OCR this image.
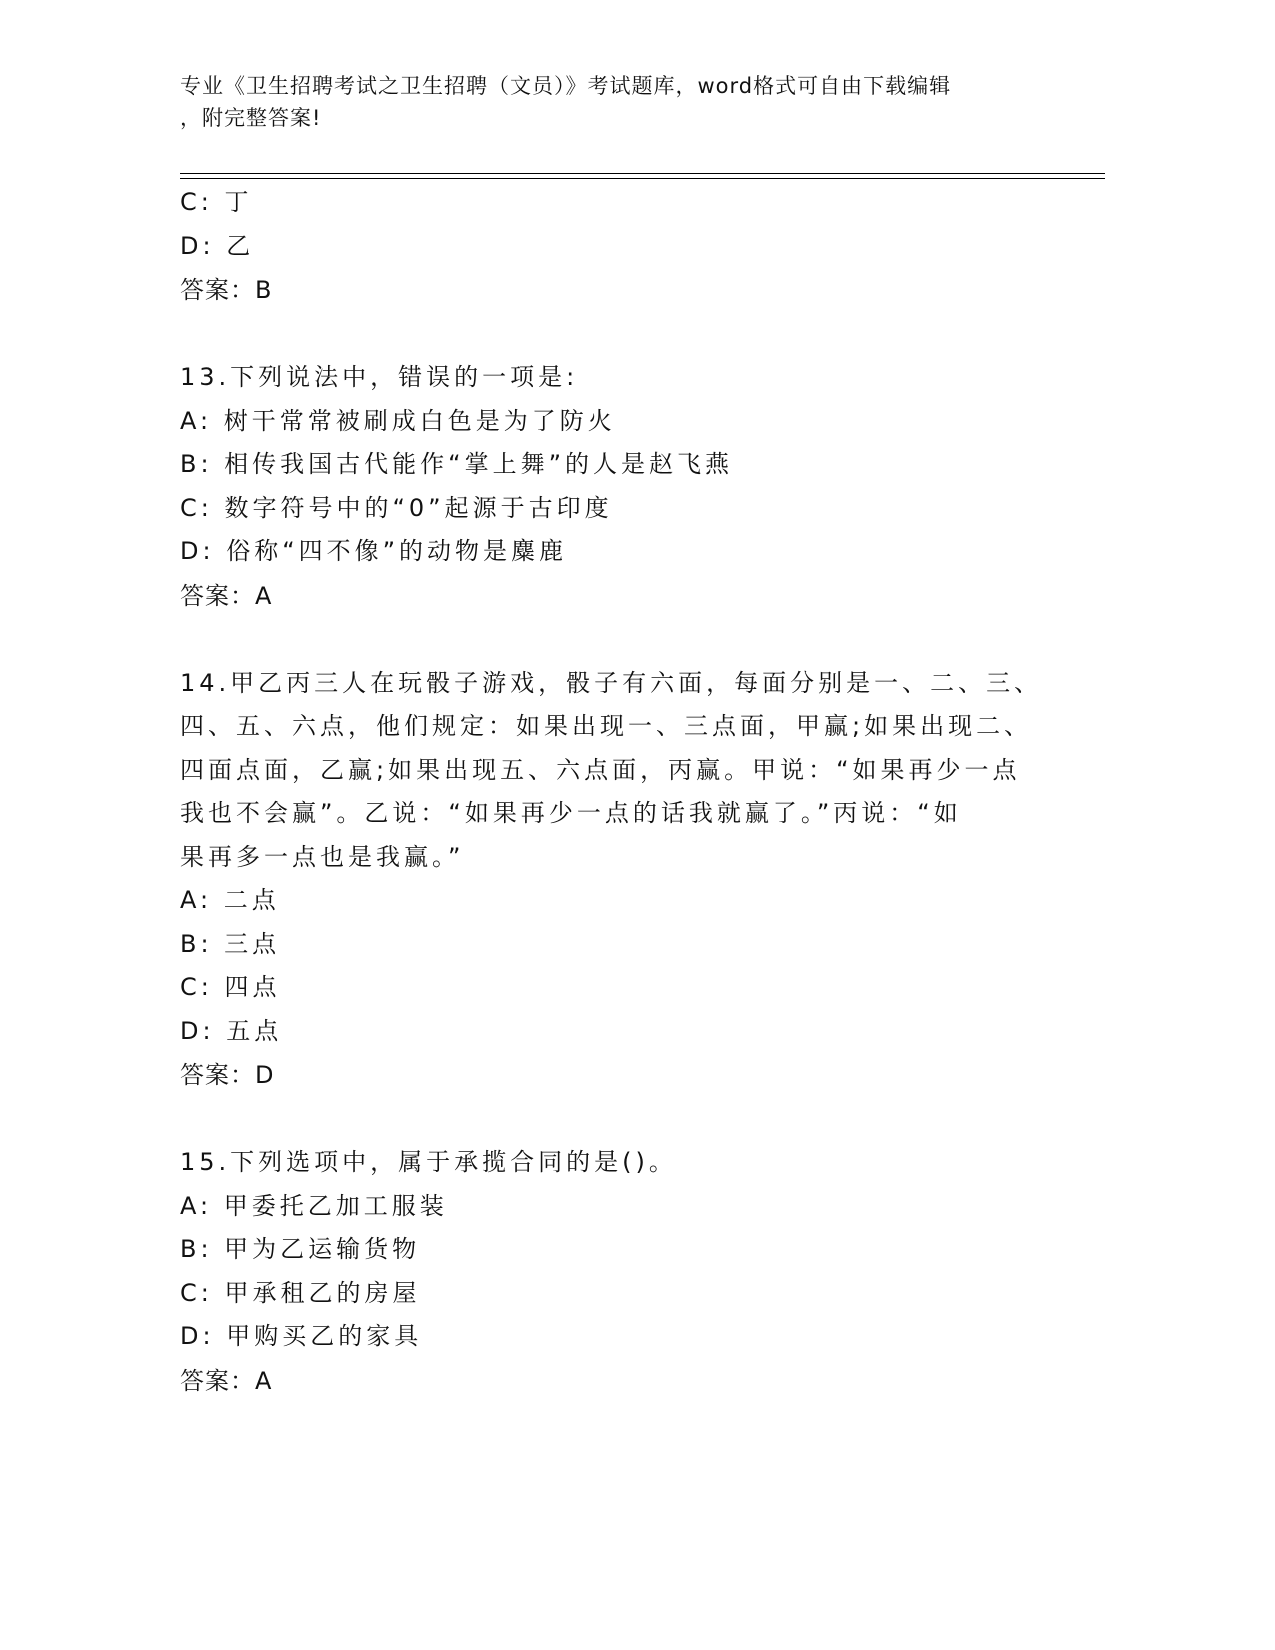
专业《卫生招聘考试之卫生招聘（文员）》考试题库，word格式可自由下载编辑
，附完整答案!
C: 丁
D: 乙
答案：B
13.下列说法中，错误的一项是:
A: 树干常常被刷成白色是为了防火
B: 相传我国古代能作“掌上舞”的人是赵飞燕
C: 数字符号中的“0”起源于古印度
D: 俗称“四不像”的动物是麋鹿
答案：A
14.甲乙丙三人在玩骰子游戏，骰子有六面，每面分别是一、二、三、
四、五、六点，他们规定：如果出现一、三点面，甲赢;如果出现二、
四面点面，乙赢;如果出现五、六点面，丙赢。甲说：“如果再少一点
我也不会赢”。乙说：“如果再少一点的话我就赢了。”丙说：“如
果再多一点也是我赢。”
A: 二点
B: 三点
C: 四点
D: 五点
答案：D
15.下列选项中，属于承揽合同的是()。
A: 甲委托乙加工服装
B: 甲为乙运输货物
C: 甲承租乙的房屋
D: 甲购买乙的家具
答案：A
